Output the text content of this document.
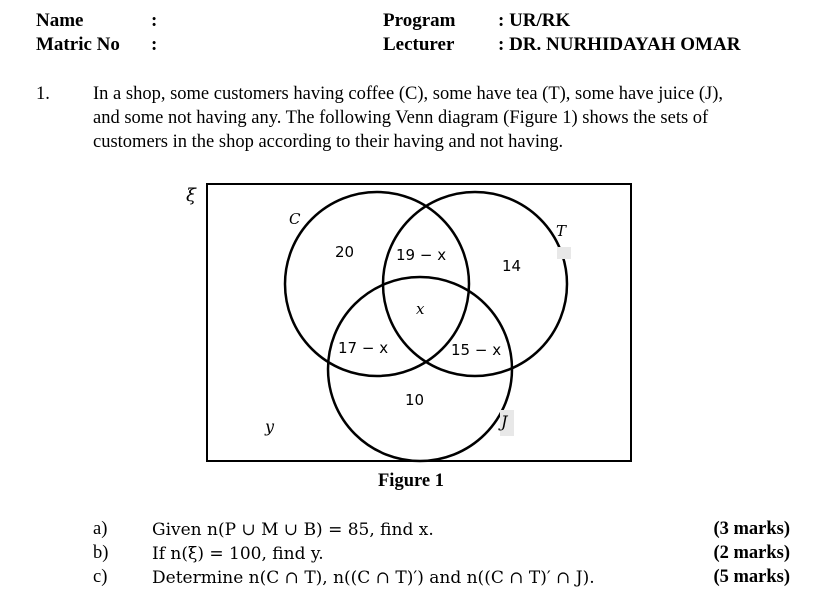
Name	:
Matric No :
Program : UR/RK
Lecturer : DR. NURHIDAYAH OMAR
1. In a shop, some customers having coffee (C), some have tea (T), some have juice (J),
and some not having any. The following Venn diagram (Figure 1) shows the sets of
customers in the shop according to their having and not having.
ξ
C
T
J
20	19 − x
14
x
17 − x	15 − x
10
y
Figure 1
a)	Given n(P ∪ M ∪ B) = 85, find x.	(3 marks)
b)	If n(ξ) = 100, find y.	(2 marks)
c)	Determine n(C ∩ T), n((C ∩ T)′) and n((C ∩ T)′ ∩ J).	(5 marks)
